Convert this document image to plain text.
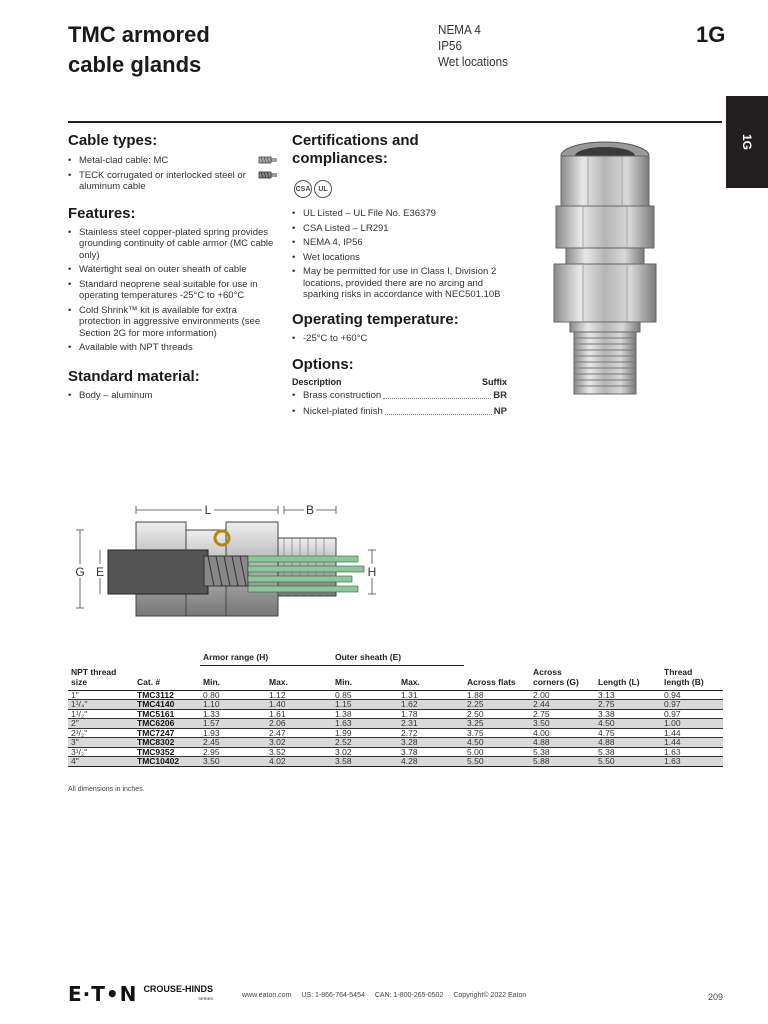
TMC armored
cable glands
NEMA 4
IP56
Wet locations
1G
1G
Cable types:
• Metal-clad cable: MC
• TECK corrugated or interlocked steel or aluminum cable
Features:
• Stainless steel copper-plated spring provides grounding continuity of cable armor (MC cable only)
• Watertight seal on outer sheath of cable
• Standard neoprene seal suitable for use in operating temperatures -25°C to +60°C
• Cold Shrink™ kit is available for extra protection in aggressive environments (see Section 2G for more information)
• Available with NPT threads
Standard material:
• Body – aluminum
Certifications and
compliances:
CSA	UL
• UL Listed – UL File No. E36379
• CSA Listed – LR291
• NEMA 4, IP56
• Wet locations
• May be permitted for use in Class I, Division 2 locations, provided there are no arcing and sparking risks in accordance with NEC501.10B
Operating temperature:
• -25°C to +60°C
Options:
Description	Suffix
• Brass construction	BR
• Nickel-plated finish	NP
L	B
G E	H
		Armor range (H)		Outer sheath (E)					
NPT thread size	Cat. #	Min.	Max.	Min.	Max.	Across flats	Across corners (G)	Length (L)	Thread length (B)
1"	TMC3112	0.80	1.12	0.85	1.31	1.88	2.00	3.13	0.94
1¹/₄"	TMC4140	1.10	1.40	1.15	1.62	2.25	2.44	2.75	0.97
1¹/₂"	TMC5161	1.33	1.61	1.38	1.78	2.50	2.75	3.38	0.97
2"	TMC6206	1.57	2.06	1.63	2.31	3.25	3.50	4.50	1.00
2¹/₂"	TMC7247	1.93	2.47	1.99	2.72	3.75	4.00	4.75	1.44
3"	TMC8302	2.45	3.02	2.52	3.28	4.50	4.88	4.88	1.44
3¹/₂"	TMC9352	2.95	3.52	3.02	3.78	5.00	5.38	5.38	1.63
4"	TMC10402	3.50	4.02	3.58	4.28	5.50	5.88	5.50	1.63
All dimensions in inches.
E∙T•N CROUSE-HINDS
SERIES	www.eaton.com US: 1-866-764-5454 CAN: 1-800-265-0502 Copyright© 2022 Eaton	209
